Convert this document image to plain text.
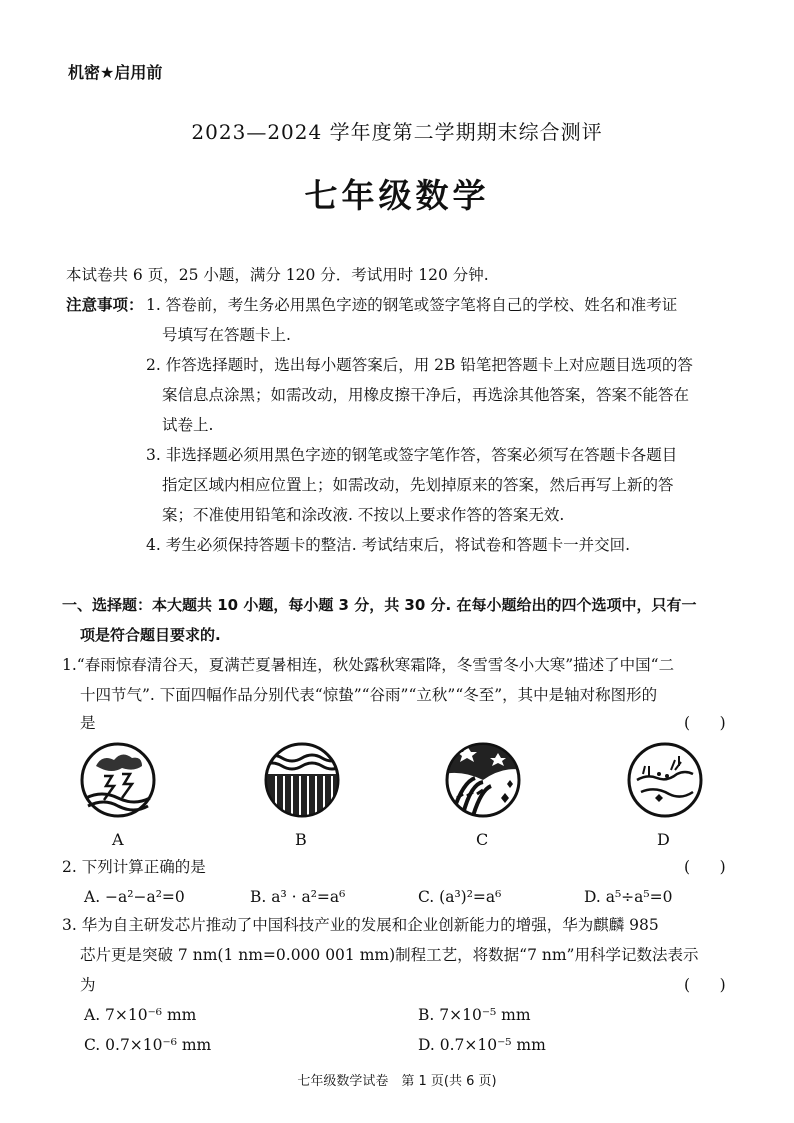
机密★启用前
2023—2024 学年度第二学期期末综合测评
七年级数学
本试卷共 6 页，25 小题，满分 120 分．考试用时 120 分钟.
注意事项： 1. 答卷前，考生务必用黑色字迹的钢笔或签字笔将自己的学校、姓名和准考证
号填写在答题卡上.
2. 作答选择题时，选出每小题答案后，用 2B 铅笔把答题卡上对应题目选项的答
案信息点涂黑；如需改动，用橡皮擦干净后，再选涂其他答案，答案不能答在
试卷上.
3. 非选择题必须用黑色字迹的钢笔或签字笔作答，答案必须写在答题卡各题目
指定区域内相应位置上；如需改动，先划掉原来的答案，然后再写上新的答
案；不准使用铅笔和涂改液. 不按以上要求作答的答案无效.
4. 考生必须保持答题卡的整洁. 考试结束后，将试卷和答题卡一并交回.
一、选择题：本大题共 10 小题，每小题 3 分，共 30 分. 在每小题给出的四个选项中，只有一
项是符合题目要求的.
1.“春雨惊春清谷天，夏满芒夏暑相连，秋处露秋寒霜降，冬雪雪冬小大寒”描述了中国“二
十四节气”. 下面四幅作品分别代表“惊蛰”“谷雨”“立秋”“冬至”，其中是轴对称图形的
是	(      )
A	B	C	D
2. 下列计算正确的是	(      )
A. −a²−a²=0	B. a³ · a²=a⁶	C. (a³)²=a⁶	D. a⁵÷a⁵=0
3. 华为自主研发芯片推动了中国科技产业的发展和企业创新能力的增强，华为麒麟 985
芯片更是突破 7 nm(1 nm=0.000 001 mm)制程工艺，将数据“7 nm”用科学记数法表示
为	(      )
A. 7×10⁻⁶ mm	B. 7×10⁻⁵ mm
C. 0.7×10⁻⁶ mm	D. 0.7×10⁻⁵ mm
七年级数学试卷　第 1 页(共 6 页)
